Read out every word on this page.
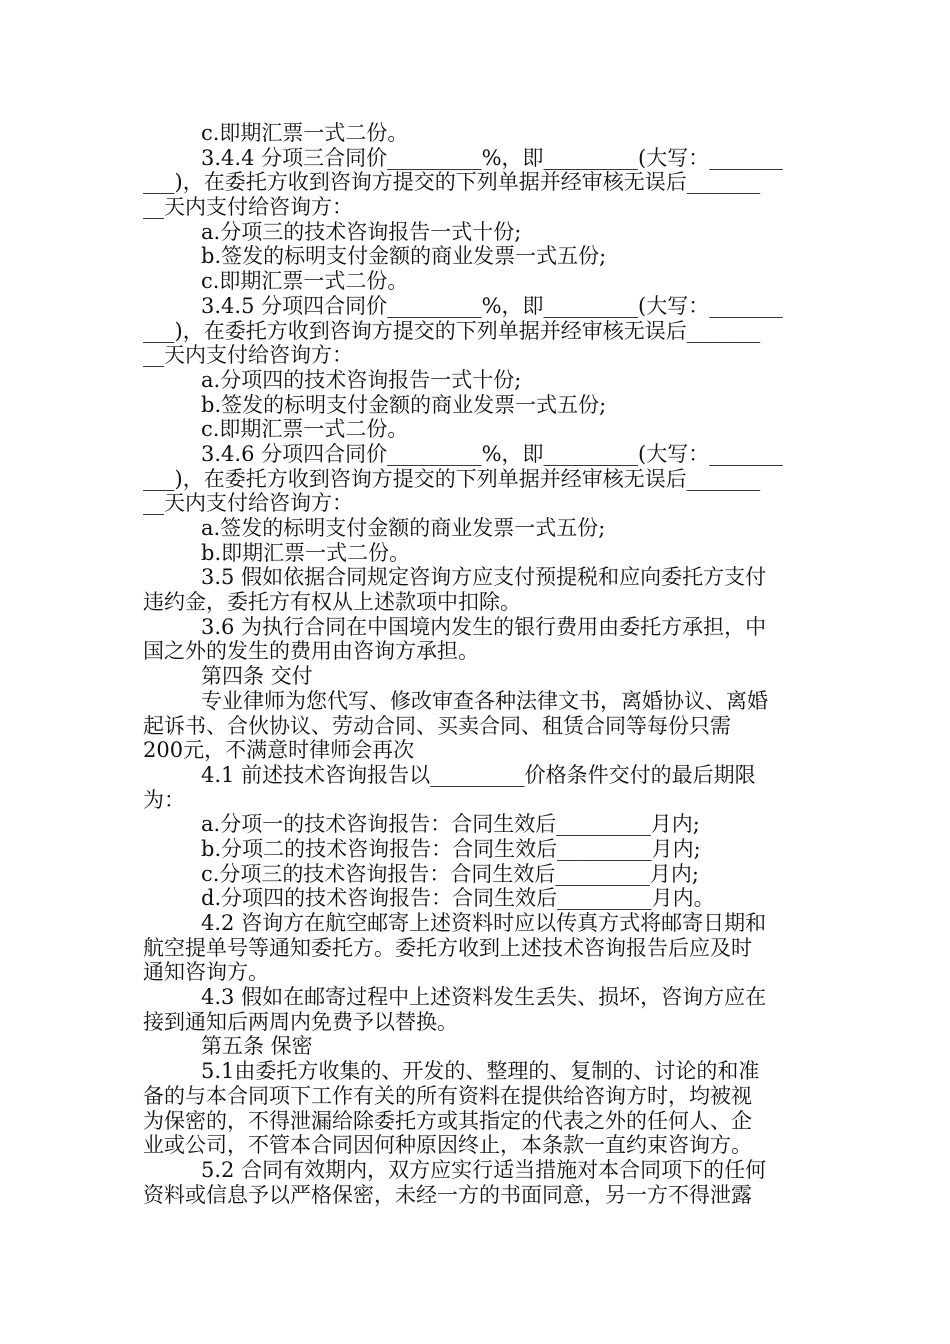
c.即期汇票一式二份。

3.4.4 分项三合同价_________%，即_________(大写：_______

___)，在委托方收到咨询方提交的下列单据并经审核无误后_______

__天内支付给咨询方：

a.分项三的技术咨询报告一式十份;

b.签发的标明支付金额的商业发票一式五份;

c.即期汇票一式二份。

3.4.5 分项四合同价_________%，即_________(大写：_______

___)，在委托方收到咨询方提交的下列单据并经审核无误后_______

__天内支付给咨询方：

a.分项四的技术咨询报告一式十份;

b.签发的标明支付金额的商业发票一式五份;

c.即期汇票一式二份。

3.4.6 分项四合同价_________%，即_________(大写：_______

___)，在委托方收到咨询方提交的下列单据并经审核无误后_______

__天内支付给咨询方：

a.签发的标明支付金额的商业发票一式五份;

b.即期汇票一式二份。

3.5 假如依据合同规定咨询方应支付预提税和应向委托方支付

违约金，委托方有权从上述款项中扣除。

3.6 为执行合同在中国境内发生的银行费用由委托方承担，中

国之外的发生的费用由咨询方承担。

第四条 交付

专业律师为您代写、修改审查各种法律文书，离婚协议、离婚

起诉书、合伙协议、劳动合同、买卖合同、租赁合同等每份只需

200元，不满意时律师会再次

4.1 前述技术咨询报告以_________价格条件交付的最后期限

为：

a.分项一的技术咨询报告：合同生效后_________月内;

b.分项二的技术咨询报告：合同生效后_________月内;

c.分项三的技术咨询报告：合同生效后_________月内;

d.分项四的技术咨询报告：合同生效后_________月内。

4.2 咨询方在航空邮寄上述资料时应以传真方式将邮寄日期和

航空提单号等通知委托方。委托方收到上述技术咨询报告后应及时

通知咨询方。

4.3 假如在邮寄过程中上述资料发生丢失、损坏，咨询方应在

接到通知后两周内免费予以替换。

第五条 保密

5.1由委托方收集的、开发的、整理的、复制的、讨论的和准

备的与本合同项下工作有关的所有资料在提供给咨询方时，均被视

为保密的，不得泄漏给除委托方或其指定的代表之外的任何人、企

业或公司，不管本合同因何种原因终止，本条款一直约束咨询方。

5.2 合同有效期内，双方应实行适当措施对本合同项下的任何

资料或信息予以严格保密，未经一方的书面同意，另一方不得泄露
